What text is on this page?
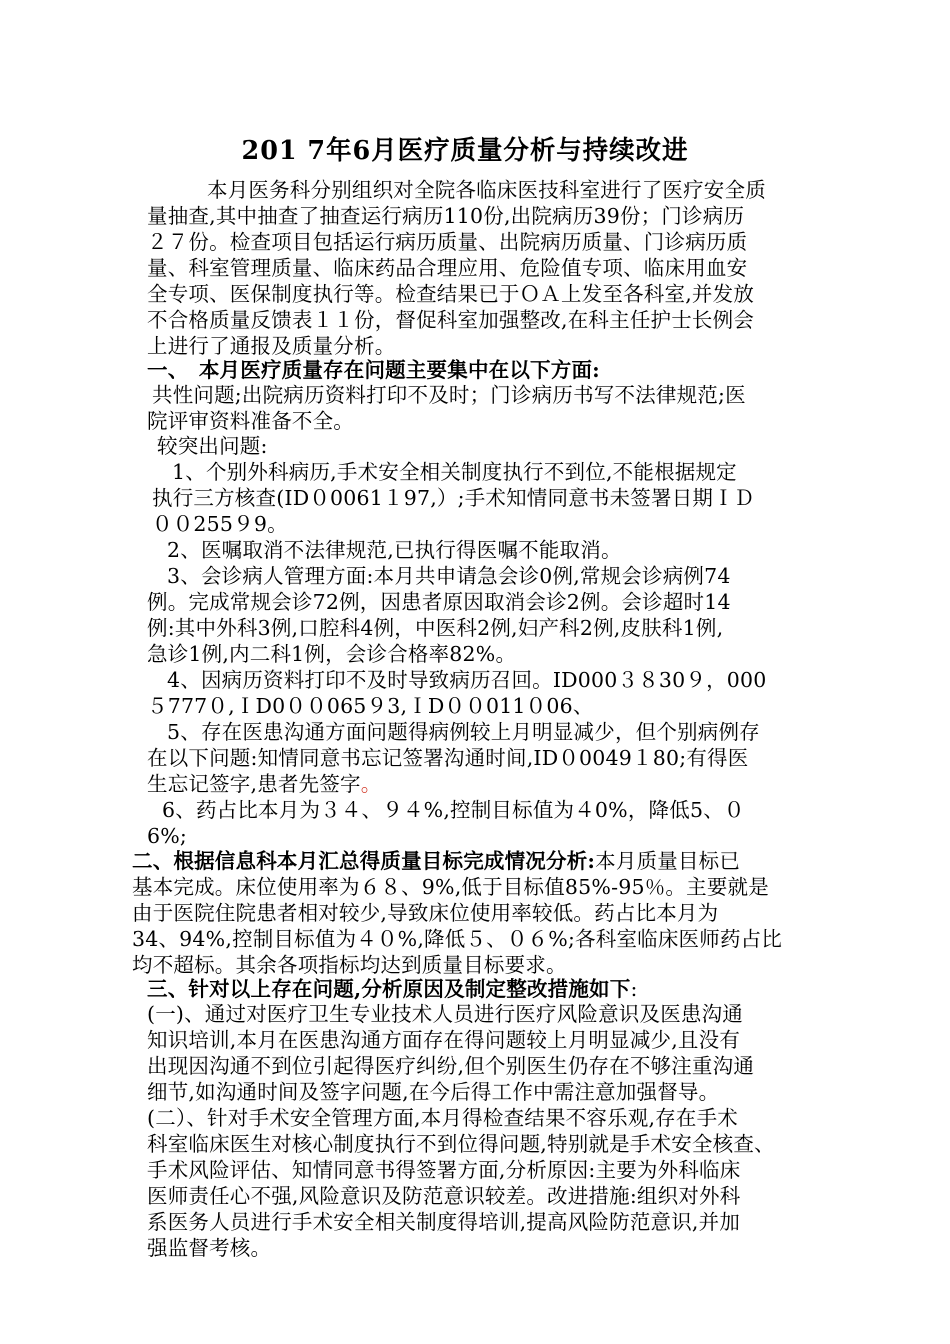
201 7年6月医疗质量分析与持续改进
本月医务科分别组织对全院各临床医技科室进行了医疗安全质
量抽查,其中抽查了抽查运行病历110份,出院病历39份；门诊病历
２７份。检查项目包括运行病历质量、出院病历质量、门诊病历质
量、科室管理质量、临床药品合理应用、危险值专项、临床用血安
全专项、医保制度执行等。检查结果已于ＯＡ上发至各科室,并发放
不合格质量反馈表１１份，督促科室加强整改,在科主任护士长例会
上进行了通报及质量分析。
一、　本月医疗质量存在问题主要集中在以下方面:
共性问题;出院病历资料打印不及时；门诊病历书写不法律规范;医
院评审资料准备不全。
较突出问题:
1、个别外科病历,手术安全相关制度执行不到位,不能根据规定
执行三方核查(ID０0061１97,）;手术知情同意书未签署日期ＩＤ
００255９9。
2、医嘱取消不法律规范,已执行得医嘱不能取消。
3、会诊病人管理方面:本月共申请急会诊0例,常规会诊病例74
例。完成常规会诊72例，因患者原因取消会诊2例。会诊超时14
例:其中外科3例,口腔科4例，中医科2例,妇产科2例,皮肤科1例,
急诊1例,内二科1例，会诊合格率82%。
4、因病历资料打印不及时导致病历召回。ID000３８30９，000
５777０,ＩD0００065９3,ＩD００011０06、
5、存在医患沟通方面问题得病例较上月明显减少，但个别病例存
在以下问题:知情同意书忘记签署沟通时间,ID０0049１80;有得医
生忘记签字,患者先签字。
6、药占比本月为３４、９４%,控制目标值为４0%，降低5、０
6%;
二、根据信息科本月汇总得质量目标完成情况分析:本月质量目标已
基本完成。床位使用率为６８、9%,低于目标值85%-95％。主要就是
由于医院住院患者相对较少,导致床位使用率较低。药占比本月为
34、94%,控制目标值为４０%,降低５、０６%;各科室临床医师药占比
均不超标。其余各项指标均达到质量目标要求。
三、针对以上存在问题,分析原因及制定整改措施如下:
(一)、通过对医疗卫生专业技术人员进行医疗风险意识及医患沟通
知识培训,本月在医患沟通方面存在得问题较上月明显减少,且没有
出现因沟通不到位引起得医疗纠纷,但个别医生仍存在不够注重沟通
细节,如沟通时间及签字问题,在今后得工作中需注意加强督导。
(二）、针对手术安全管理方面,本月得检查结果不容乐观,存在手术
科室临床医生对核心制度执行不到位得问题,特别就是手术安全核查、
手术风险评估、知情同意书得签署方面,分析原因:主要为外科临床
医师责任心不强,风险意识及防范意识较差。改进措施:组织对外科
系医务人员进行手术安全相关制度得培训,提高风险防范意识,并加
强监督考核。
